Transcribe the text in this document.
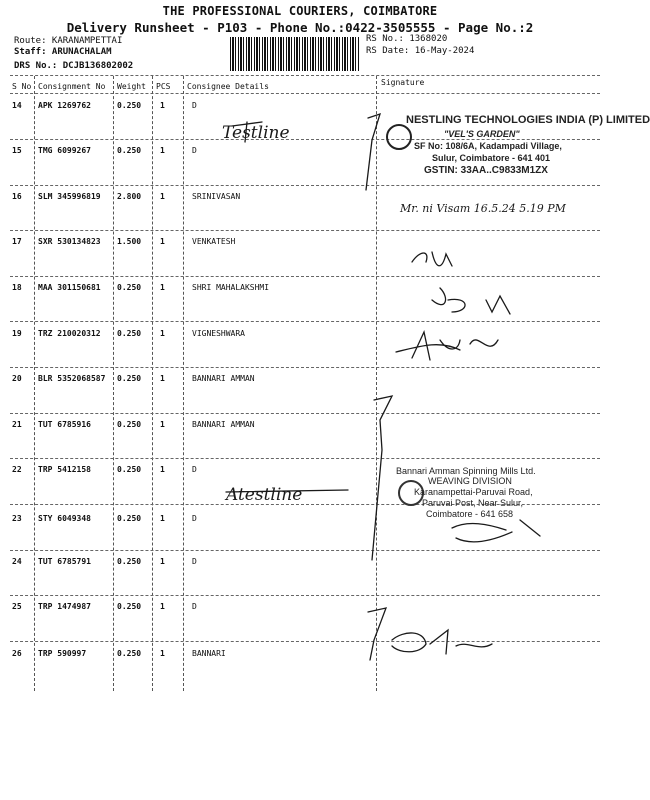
THE PROFESSIONAL COURIERS, COIMBATORE
Delivery Runsheet - P103 - Phone No.:0422-3505555 - Page No.:2
Route: KARANAMPETTAI
Staff: ARUNACHALAM
DRS No.: DCJB136802002
RS No.: 1368020
RS Date: 16-May-2024
S No Consignment No Weight PCS Consignee Details	Signature
14 APK 1269762	0.250 1	D
15 TMG 6099267	0.250 1	D
16 SLM 345996819 2.800 1	SRINIVASAN
17 SXR 530134823 1.500 1	VENKATESH
18 MAA 301150681 0.250 1	SHRI MAHALAKSHMI
19 TRZ 210020312 0.250 1	VIGNESHWARA
20 BLR 5352068587 0.250 1	BANNARI AMMAN
21 TUT 6785916	0.250 1	BANNARI AMMAN
22 TRP 5412158	0.250 1	D
23 STY 6049348	0.250 1	D
24 TUT 6785791	0.250 1	D
25 TRP 1474987	0.250 1	D
26 TRP 590997	0.250 1	BANNARI
NESTLING TECHNOLOGIES INDIA (P) LIMITED
"VEL'S GARDEN"
SF No: 108/6A, Kadampadi Village,
Sulur, Coimbatore - 641 401
GSTIN: 33AA..C9833M1ZX
Bannari Amman Spinning Mills Ltd.
WEAVING DIVISION
Karanampettai-Paruvai Road,
Paruvai Post, Near Sulur,
Coimbatore - 641 658
Testline
Mr. ni Visam 16.5.24 5.19 PM
Atestline
